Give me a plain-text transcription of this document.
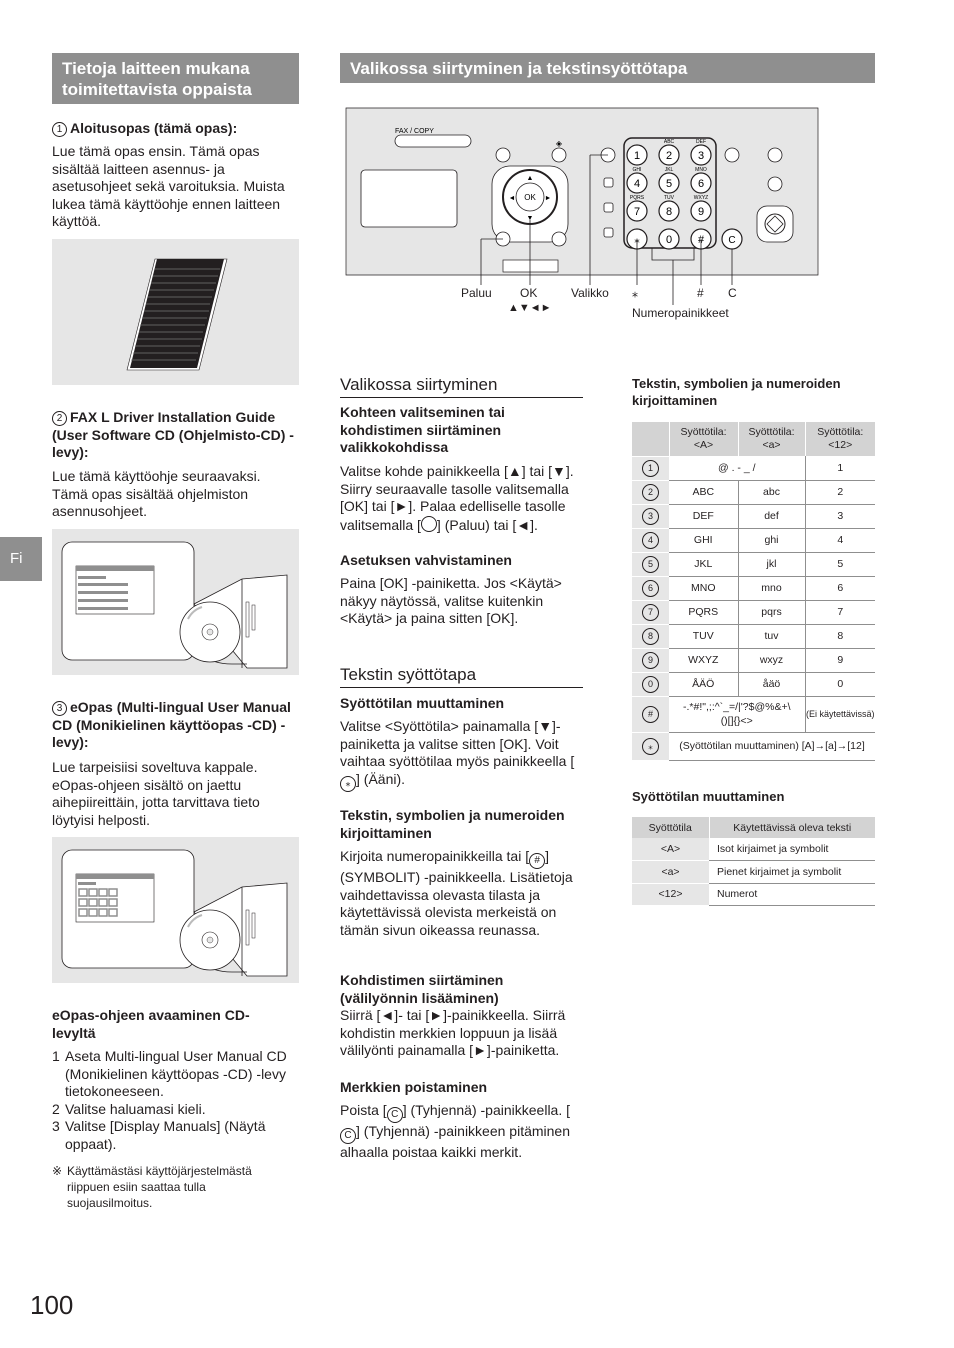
Tietoja laitteen mukana toimitettavista oppaista
1 Aloitusopas (tämä opas):
Lue tämä opas ensin. Tämä opas sisältää laitteen asennus- ja asetusohjeet sekä varoituksia. Muista lukea tämä käyttöohje ennen laitteen käyttöä.
2 FAX L Driver Installation Guide (User Software CD (Ohjelmisto-CD) -levy):
Lue tämä käyttöohje seuraavaksi. Tämä opas sisältää ohjelmiston asennusohjeet.
3 eOpas (Multi-lingual User Manual CD (Monikielinen käyttöopas -CD) -levy):
Lue tarpeisiisi soveltuva kappale. eOpas-ohjeen sisältö on jaettu aihepiireittäin, jotta tarvittava tieto löytyisi helposti.
eOpas-ohjeen avaaminen CD-levyltä
1 Aseta Multi-lingual User Manual CD (Monikielinen käyttöopas -CD) -levy tietokoneeseen.
2 Valitse haluamasi kieli.
3 Valitse [Display Manuals] (Näytä oppaat).
※ Käyttämästäsi käyttöjärjestelmästä riippuen esiin saattaa tulla suojausilmoitus.
Fi
100
Valikossa siirtyminen ja tekstinsyöttötapa
FAX / COPY
◈
OK
▲
▼
◄	►
1 2
ABC
3
DEF
4
GHI
5
JKL
6
MNO
7
PQRS
8
TUV
9
WXYZ
⁎ 0 # C
Paluu OK
▲▼◄►
Valikko ⁎	# C
Numeropainikkeet
Valikossa siirtyminen
Kohteen valitseminen tai kohdistimen siirtäminen valikkokohdissa
Valitse kohde painikkeella [▲] tai [▼]. Siirry seuraavalle tasolle valitsemalla [OK] tai [►]. Palaa edelliselle tasolle valitsemalla [ ] (Paluu) tai [◄].
Asetuksen vahvistaminen
Paina [OK] -painiketta. Jos <Käytä> näkyy näytössä, valitse kuitenkin <Käytä> ja paina sitten [OK].
Tekstin syöttötapa
Syöttötilan muuttaminen
Valitse <Syöttötila> painamalla [▼]-painiketta ja valitse sitten [OK]. Voit vaihtaa syöttötilaa myös painikkeella [⁎ ] (Ääni).
Tekstin, symbolien ja numeroiden kirjoittaminen
Kirjoita numeropainikkeilla tai [ # ] (SYMBOLIT) -painikkeella. Lisätietoja vaihdettavissa olevasta tilasta ja käytettävissä olevista merkeistä on tämän sivun oikeassa reunassa.
Kohdistimen siirtäminen (välilyönnin lisääminen)
Siirrä [◄]- tai [►]-painikkeella. Siirrä kohdistin merkkien loppuun ja lisää välilyönti painamalla [►]-painiketta.
Merkkien poistaminen
Poista [ C ] (Tyhjennä) -painikkeella. [C ] (Tyhjennä) -painikkeen pitäminen alhaalla poistaa kaikki merkit.
Tekstin, symbolien ja numeroiden kirjoittaminen
	Syöttötila: <A>	Syöttötila: <a>	Syöttötila: <12>
1	@ . - _ /		1
2	ABC	abc	2
3	DEF	def	3
4	GHI	ghi	4
5	JKL	jkl	5
6	MNO	mno	6
7	PQRS	pqrs	7
8	TUV	tuv	8
9	WXYZ	wxyz	9
0	ÅÄÖ	åäö	0
#	-.*#!",;:^`_=/|'?$@%&+\()[]{}<>		(Ei käytettävissä)
⁎	(Syöttötilan muuttaminen) [A]→[a]→[12]		
Syöttötilan muuttaminen
Syöttötila	Käytettävissä oleva teksti
<A>	Isot kirjaimet ja symbolit
<a>	Pienet kirjaimet ja symbolit
<12>	Numerot
